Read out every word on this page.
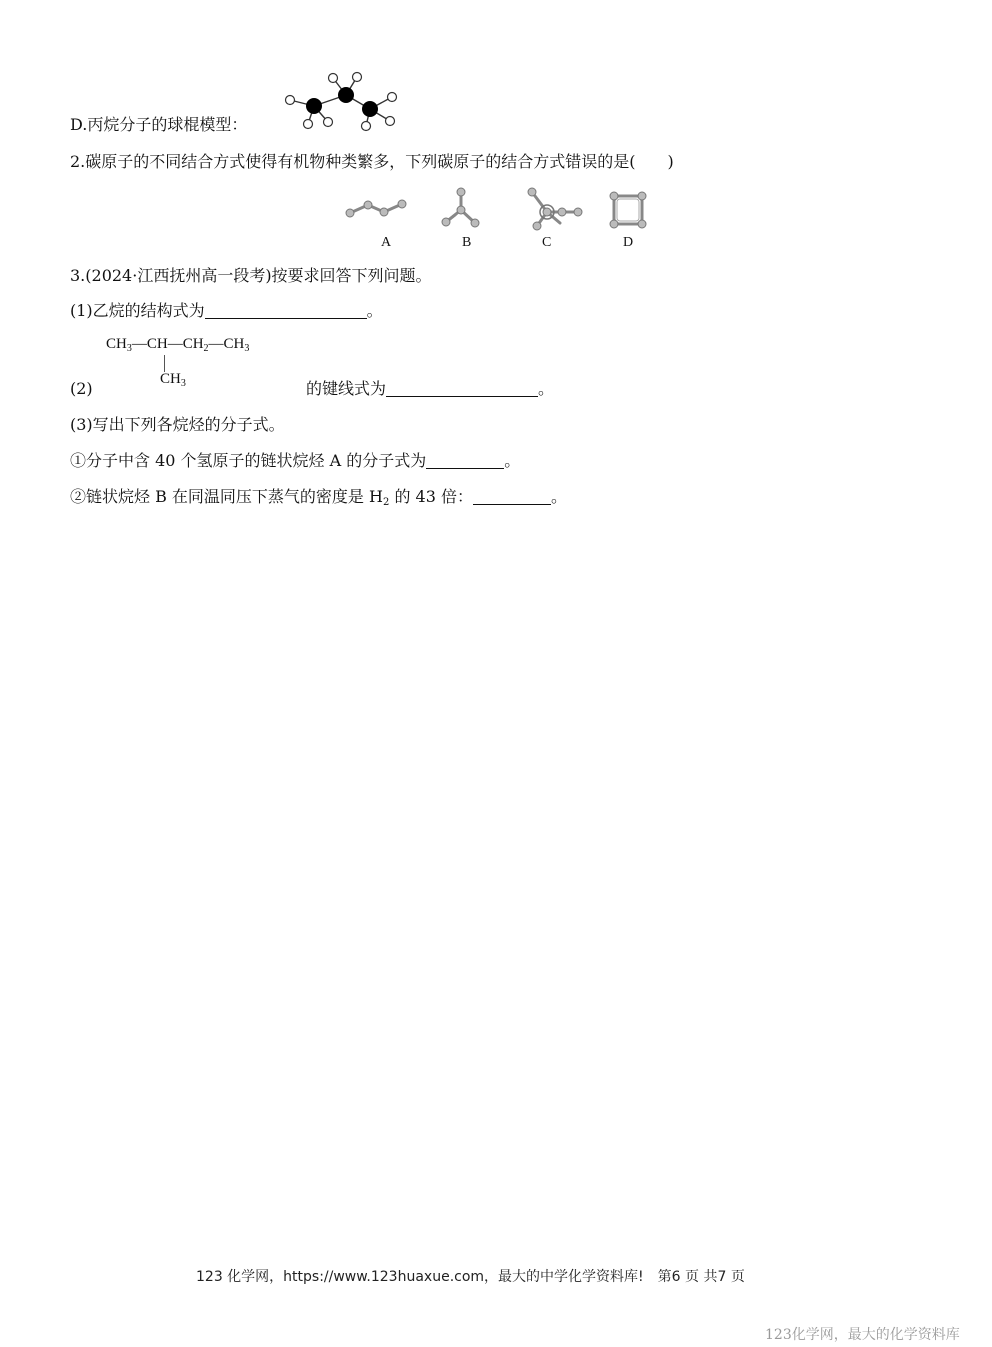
D.丙烷分子的球棍模型：
2.碳原子的不同结合方式使得有机物种类繁多，下列碳原子的结合方式错误的是(　　)
A	B	C	D
3.(2024·江西抚州高一段考)按要求回答下列问题。
(1)乙烷的结构式为	。
$CH_3—CH—CH_2—CH_3$
$CH_3$
(2)	的键线式为	。
(3)写出下列各烷烃的分子式。
①分子中含 40 个氢原子的链状烷烃 A 的分子式为	。
②链状烷烃 B 在同温同压下蒸气的密度是 $H_2$ 的 43 倍：	。
123 化学网，https://www.123huaxue.com，最大的中学化学资料库!　第6 页 共7 页
123化学网，最大的化学资料库
